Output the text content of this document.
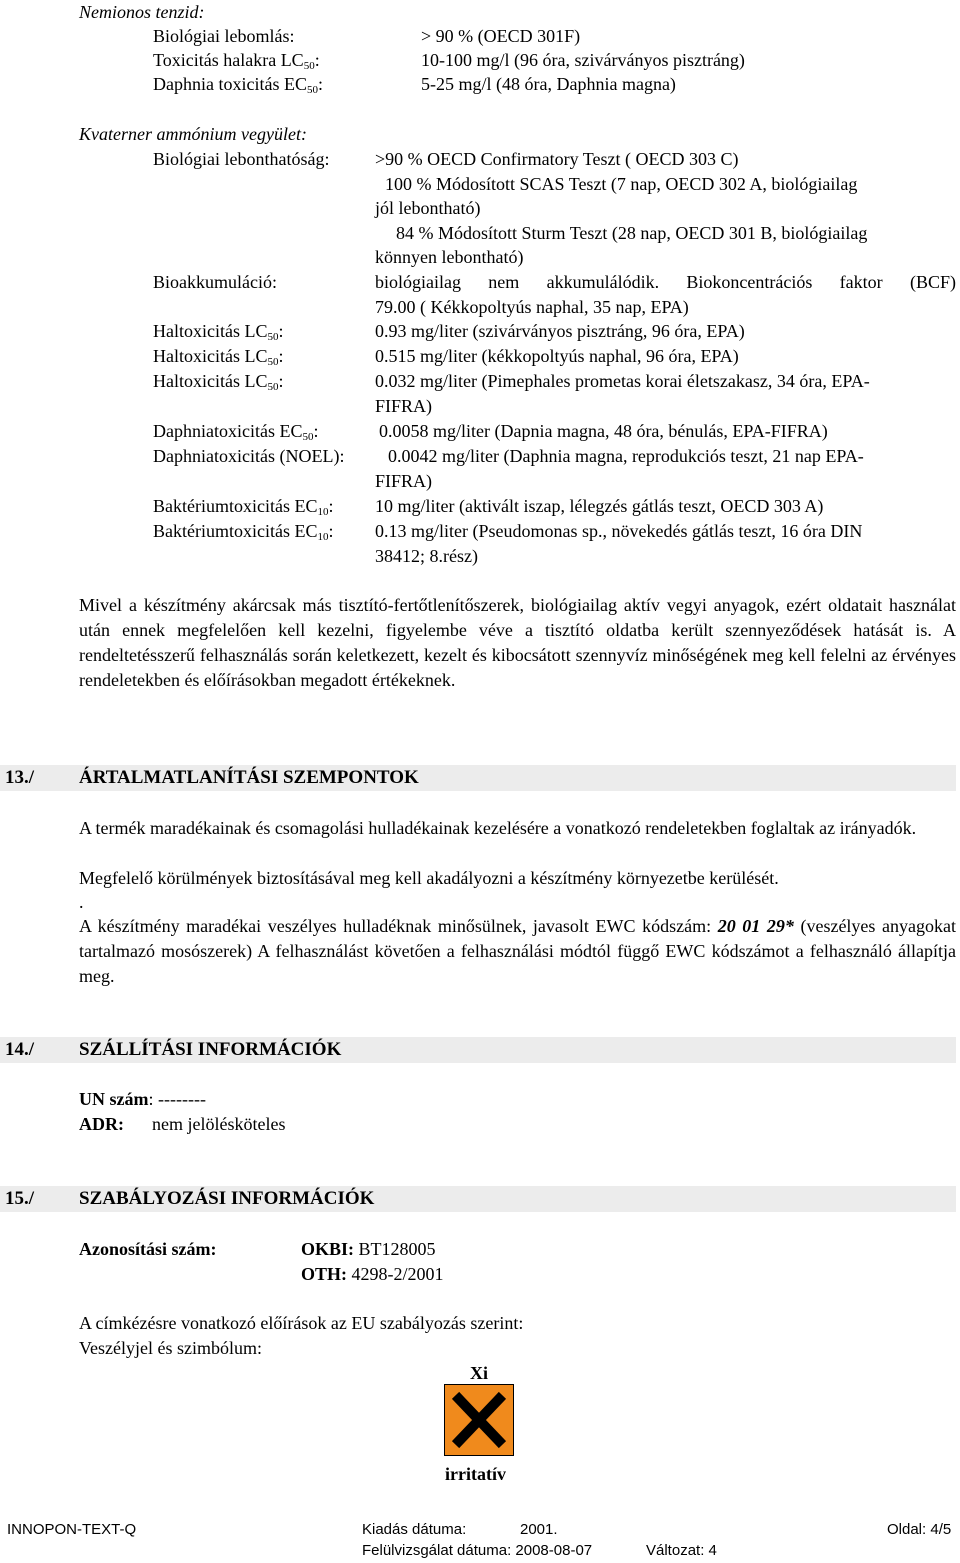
Nemionos tenzid:
Biológiai lebomlás:	> 90 % (OECD 301F)
Toxicitás halakra $LC_{50}$:	10-100 mg/l (96 óra, szivárványos pisztráng)
Daphnia toxicitás $EC_{50}$:	5-25 mg/l (48 óra, Daphnia magna)
Kvaterner ammónium vegyület:
Biológiai lebonthatóság:	>90 % OECD Confirmatory Teszt ( OECD 303 C)
100 % Módosított SCAS Teszt (7 nap, OECD 302 A, biológiailag
jól lebontható)
84 % Módosított Sturm Teszt (28 nap, OECD 301 B, biológiailag
könnyen lebontható)
Bioakkumuláció:	biológiailag nem akkumulálódik. Biokoncentrációs faktor (BCF)
79.00 ( Kékkopoltyús naphal, 35 nap, EPA)
Haltoxicitás $LC_{50}$:	0.93 mg/liter (szivárványos pisztráng, 96 óra, EPA)
Haltoxicitás $LC_{50}$:	0.515 mg/liter (kékkopoltyús naphal, 96 óra, EPA)
Haltoxicitás $LC_{50}$:	0.032 mg/liter (Pimephales prometas korai életszakasz, 34 óra, EPA-
FIFRA)
Daphniatoxicitás $EC_{50}$:	0.0058 mg/liter (Dapnia magna, 48 óra, bénulás, EPA-FIFRA)
Daphniatoxicitás (NOEL): 0.0042 mg/liter (Daphnia magna, reprodukciós teszt, 21 nap EPA-
FIFRA)
Baktériumtoxicitás $EC_{10}$: 10 mg/liter (aktivált iszap, lélegzés gátlás teszt, OECD 303 A)
Baktériumtoxicitás $EC_{10}$: 0.13 mg/liter (Pseudomonas sp., növekedés gátlás teszt, 16 óra DIN
38412; 8.rész)
Mivel a készítmény akárcsak más tisztító-fertőtlenítőszerek, biológiailag aktív vegyi anyagok, ezért oldatait használat után ennek megfelelően kell kezelni, figyelembe véve a tisztító oldatba került szennyeződések hatását is. A rendeltetésszerű felhasználás során keletkezett, kezelt és kibocsátott szennyvíz minőségének meg kell felelni az érvényes rendeletekben és előírásokban megadott értékeknek.
13./ ÁRTALMATLANÍTÁSI SZEMPONTOK
A termék maradékainak és csomagolási hulladékainak kezelésére a vonatkozó rendeletekben foglaltak az irányadók.
Megfelelő körülmények biztosításával meg kell akadályozni a készítmény környezetbe kerülését.
.
A készítmény maradékai veszélyes hulladéknak minősülnek, javasolt EWC kódszám: 20 01 29* (veszélyes anyagokat tartalmazó mosószerek) A felhasználást követően a felhasználási módtól függő EWC kódszámot a felhasználó állapítja meg.
14./ SZÁLLÍTÁSI INFORMÁCIÓK
UN szám: --------
ADR: nem jelölésköteles
15./ SZABÁLYOZÁSI INFORMÁCIÓK
Azonosítási szám:	OKBI: BT128005
OTH: 4298-2/2001
A címkézésre vonatkozó előírások az EU szabályozás szerint:
Veszélyjel és szimbólum:
Xi
irritatív
INNOPON-TEXT-Q	Kiadás dátuma:	2001.	Oldal: 4/5
Felülvizsgálat dátuma: 2008-08-07	Változat: 4
